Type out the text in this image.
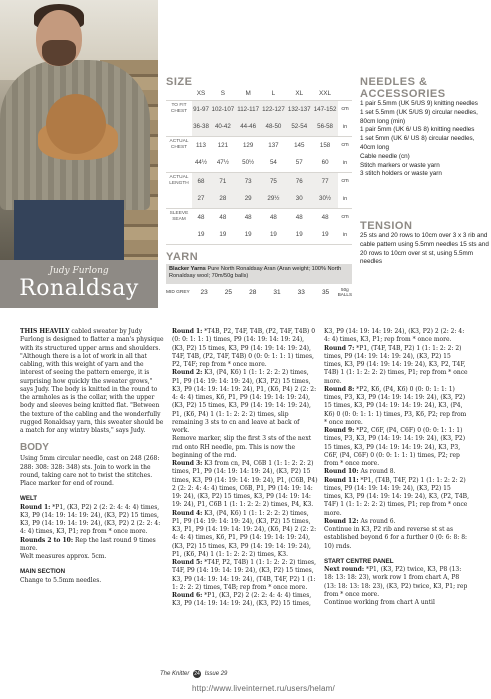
Judy Furlong
Ronaldsay
SIZE
	XS	S	M	L	XL	XXL	
TO FIT CHEST	91-97	102-107	112-117	122-127	132-137	147-152	cm
	36-38	40-42	44-46	48-50	52-54	56-58	in
ACTUAL CHEST	113	121	129	137	145	158	cm
	44½	47½	50½	54	57	60	in
ACTUAL LENGTH	68	71	73	75	76	77	cm
	27	28	29	29½	30	30½	in
SLEEVE SEAM	48	48	48	48	48	48	cm
	19	19	19	19	19	19	in
YARN
Blacker Yarns Pure North Ronaldsay Aran (Aran weight; 100% North Ronaldsay wool; 70m/50g balls)
MID GREY	23	25	28	31	33	35	50g BALLS
NEEDLES & ACCESSORIES
1 pair 5.5mm (UK 5/US 9) knitting needles
1 set 5.5mm (UK 5/US 9) circular needles, 80cm long (min)
1 pair 5mm (UK 6/ US 8) knitting needles
1 set 5mm (UK 6/ US 8) circular needles, 40cm long
Cable needle (cn)
Stitch markers or waste yarn
3 stitch holders or waste yarn
TENSION
25 sts and 20 rows to 10cm over 3 x 3 rib and cable pattern using 5.5mm needles 15 sts and 20 rows to 10cm over st st, using 5.5mm needles

THIS HEAVILY cabled sweater by Judy Furlong is designed to flatter a man's physique with its structured upper arms and shoulders. "Although there is a lot of work in all that cabling, with this weight of yarn and the interest of seeing the pattern emerge, it is surprising how quickly the sweater grows," says Judy. The body is knitted in the round to the armholes as is the collar, with the upper body and sleeves being knitted flat. "Between the texture of the cabling and the wonderfully rugged Ronaldsay yarn, this sweater should be a match for any wintry blasts," says Judy.

BODY

Using 5mm circular needle, cast on 248 (268: 288: 308: 328: 348) sts. Join to work in the round, taking care not to twist the stitches. Place marker for end of round.

WELT

Round 1: *P1, (K3, P2) 2 (2: 2: 4: 4: 4) times, K3, P9 (14: 19: 14: 19: 24), (K3, P2) 15 times, K3, P9 (14: 19: 14: 19: 24), (K3, P2) 2 (2: 2: 4: 4: 4) times, K3, P1; rep from * once more.

Rounds 2 to 10: Rep the last round 9 times more.

Welt measures approx. 5cm.

MAIN SECTION

Change to 5.5mm needles.

Round 1: *T4B, P2, T4F, T4B, (P2, T4F, T4B) 0 (0: 0: 1: 1: 1) times, P9 (14: 19: 14: 19: 24), (K3, P2) 15 times, K3, P9 (14: 19: 14: 19: 24), T4F, T4B, (P2, T4F, T4B) 0 (0: 0: 1: 1: 1) times, P2, T4F; rep from * once more.

Round 2: K3, (P4, K6) 1 (1: 1: 2: 2: 2) times, P1, P9 (14: 19: 14: 19: 24), (K3, P2) 15 times, K3, P9 (14: 19: 14: 19: 24), P1, (K6, P4) 2 (2: 2: 4: 4: 4) times, K6, P1, P9 (14: 19: 14: 19: 24), (K3, P2) 15 times, K3, P9 (14: 19: 14: 19: 24), P1, (K6, P4) 1 (1: 1: 2: 2: 2) times, slip remaining 3 sts to cn and leave at back of work.

Remove marker, slip the first 3 sts of the next rnd onto RH needle, pm. This is now the beginning of the rnd.

Round 3: K3 from cn, P4, C6B 1 (1: 1: 2: 2: 2) times, P1, P9 (14: 19: 14: 19: 24), (K3, P2) 15 times, K3, P9 (14: 19: 14: 19: 24), P1, (C6B, P4) 2 (2: 2: 4: 4: 4) times, C6B, P1, P9 (14: 19: 14: 19: 24), (K3, P2) 15 times, K3, P9 (14: 19: 14: 19: 24), P1, C6B 1 (1: 1: 2: 2: 2) times, P4, K3.

Round 4: K3, (P4, K6) 1 (1: 1: 2: 2: 2) times, P1, P9 (14: 19: 14: 19: 24), (K3, P2) 15 times, K3, P1, P9 (14: 19: 14: 19: 24), (K6, P4) 2 (2: 2: 4: 4: 4) times, K6, P1, P9 (14: 19: 14: 19: 24), (K3, P2) 15 times, K3, P9 (14: 19: 14: 19: 24), P1, (K6, P4) 1 (1: 1: 2: 2: 2) times, K3.

Round 5: *T4F, P2, T4B) 1 (1: 1: 2: 2: 2) times, T4F, P9 (14: 19: 14: 19: 24), (K3, P2) 15 times, K3, P9 (14: 19: 14: 19: 24), (T4B, T4F, P2) 1 (1: 1: 2: 2: 2) times, T4B; rep from * once more.

Round 6: *P1, (K3, P2) 2 (2: 2: 4: 4: 4) times, K3, P9 (14: 19: 14: 19: 24), (K3, P2) 15 times,

K3, P9 (14: 19: 14: 19: 24), (K3, P2) 2 (2: 2: 4: 4: 4) times, K3, P1; rep from * once more.

Round 7: *P1, (T4F, T4B, P2) 1 (1: 1: 2: 2: 2) times, P9 (14: 19: 14: 19: 24), (K3, P2) 15 times, K3, P9 (14: 19: 14: 19: 24), K3, P2, T4F, T4B) 1 (1: 1: 2: 2: 2) times, P1; rep from * once more.

Round 8: *P2, K6, (P4, K6) 0 (0: 0: 1: 1: 1) times, P3, K3, P9 (14: 19: 14: 19: 24), (K3, P2) 15 times, K3, P9 (14: 19: 14: 19: 24), K3, (P4, K6) 0 (0: 0: 1: 1: 1) times, P3, K6, P2; rep from * once more.

Round 9: *P2, C6F, (P4, C6F) 0 (0: 0: 1: 1: 1) times, P3, K3, P9 (14: 19: 14: 19: 24), (K3, P2) 15 times, K3, P9 (14: 19: 14: 19: 24), K3, P3, C6F, (P4, C6F) 0 (0: 0: 1: 1: 1) times, P2; rep from * once more.

Round 10: As round 8.

Round 11: *P1, (T4B, T4F, P2) 1 (1: 1: 2: 2: 2) times, P9 (14: 19: 14: 19: 24), (K3, P2) 15 times, K3, P9 (14: 19: 14: 19: 24), K3, (P2, T4B, T4F) 1 (1: 1: 2: 2: 2) times, P1; rep from * once more.

Round 12: As round 6.

Continue in K3, P2 rib and reverse st st as established beyond 6 for a further 0 (0: 6: 8: 8: 10) rnds.

START CENTRE PANEL

Next round: *P1, (K3, P2) twice, K3, P8 (13: 18: 13: 18: 23), work row 1 from chart A, P8 (13: 18: 13: 18: 23), (K3, P2) twice, K3, P1; rep from * once more.

Continue working from chart A until

The Knitter 24 Issue 29
http://www.liveinternet.ru/users/helam/
